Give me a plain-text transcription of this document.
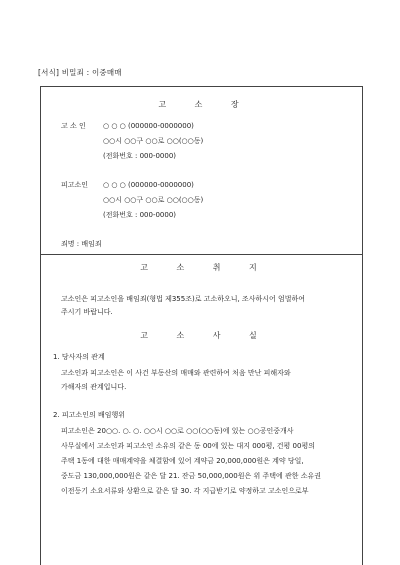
[서식] 비밀죄 : 이중매매
고 소 장
고 소 인 ○ ○ ○ (000000-0000000)
○○시 ○○구 ○○로 ○○(○○동)
(전화번호 : 000-0000)
피고소인 ○ ○ ○ (000000-0000000)
○○시 ○○구 ○○로 ○○(○○동)
(전화번호 : 000-0000)
죄명 : 배임죄
고 소 취 지
고소인은 피고소인을 배임죄(형법 제355조)로 고소하오니, 조사하시어 엄벌하여
주시기 바랍니다.
고 소 사 실
1. 당사자의 관계
고소인과 피고소인은 이 사건 부동산의 매매와 관련하여 처음 만난 피해자와
가해자의 관계입니다.
2. 피고소인의 배임행위
피고소인은 20○○. ○. ○. ○○시 ○○로 ○○(○○동)에 있는 ○○공인중개사
사무실에서 고소인과 피고소인 소유의 같은 동 00에 있는 대지 000평, 건평 00평의
주택 1동에 대한 매매계약을 체결함에 있어 계약금 20,000,000원은 계약 당일,
중도금 130,000,000원은 같은 달 21. 잔금 50,000,000원은 위 주택에 관한 소유권
이전등기 소요서류와 상환으로 같은 달 30. 각 지급받기로 약정하고 고소인으로부
